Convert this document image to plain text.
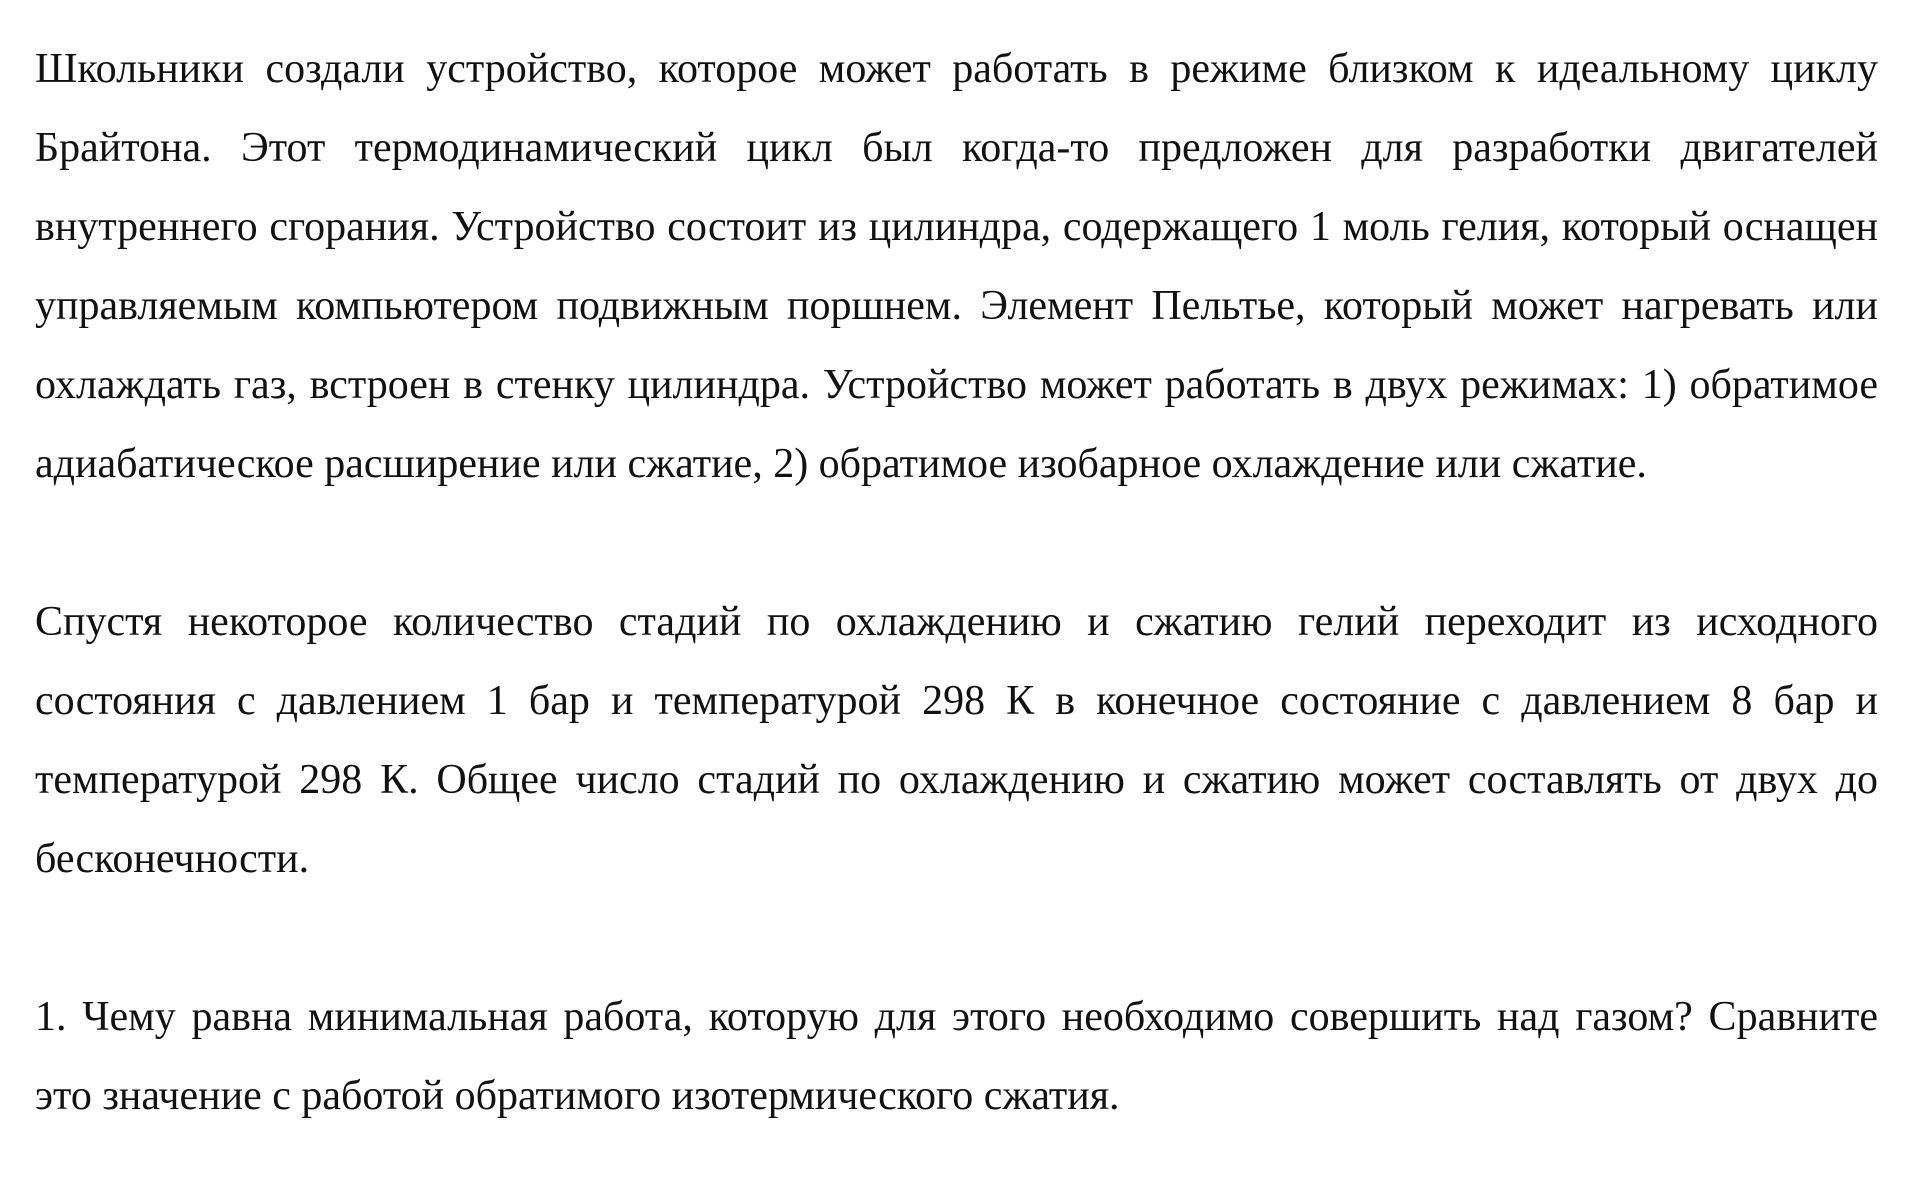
Школьники создали устройство, которое может работать в режиме близком к идеальному циклу Брайтона. Этот термодинамический цикл был когда-то предложен для разработки двигателей внутреннего сгорания. Устройство состоит из цилиндра, содержащего 1 моль гелия, который оснащен управляемым компьютером подвижным поршнем. Элемент Пельтье, который может нагревать или охлаждать газ, встроен в стенку цилиндра. Устройство может работать в двух режимах: 1) обратимое адиабатическое расширение или сжатие, 2) обратимое изобарное охлаждение или сжатие.

Спустя некоторое количество стадий по охлаждению и сжатию гелий переходит из исходного состояния с давлением 1 бар и температурой 298 К в конечное состояние с давлением 8 бар и температурой 298 К. Общее число стадий по охлаждению и сжатию может составлять от двух до бесконечности.

1. Чему равна минимальная работа, которую для этого необходимо совершить над газом? Сравните это значение с работой обратимого изотермического сжатия.
